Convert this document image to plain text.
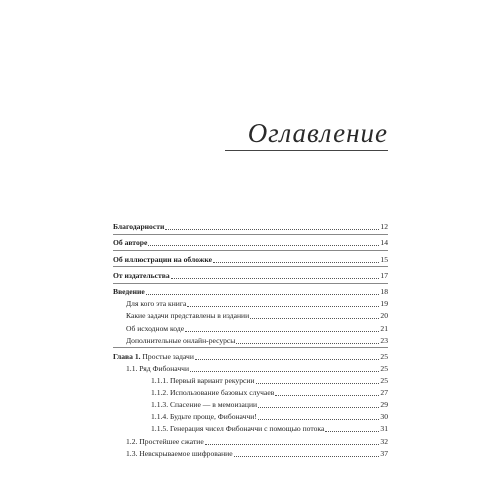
Оглавление
Благодарности	12
Об авторе	14
Об иллюстрации на обложке	15
От издательства	17
Введение	18
Для кого эта книга	19
Какие задачи представлены в издании	20
Об исходном коде	21
Дополнительные онлайн-ресурсы	23
Глава 1. Простые задачи	25
1.1. Ряд Фибоначчи	25
1.1.1. Первый вариант рекурсии	25
1.1.2. Использование базовых случаев	27
1.1.3. Спасение — в мемоизации	29
1.1.4. Будьте проще, Фибоначчи!	30
1.1.5. Генерация чисел Фибоначчи с помощью потока	31
1.2. Простейшее сжатие	32
1.3. Невскрываемое шифрование	37
